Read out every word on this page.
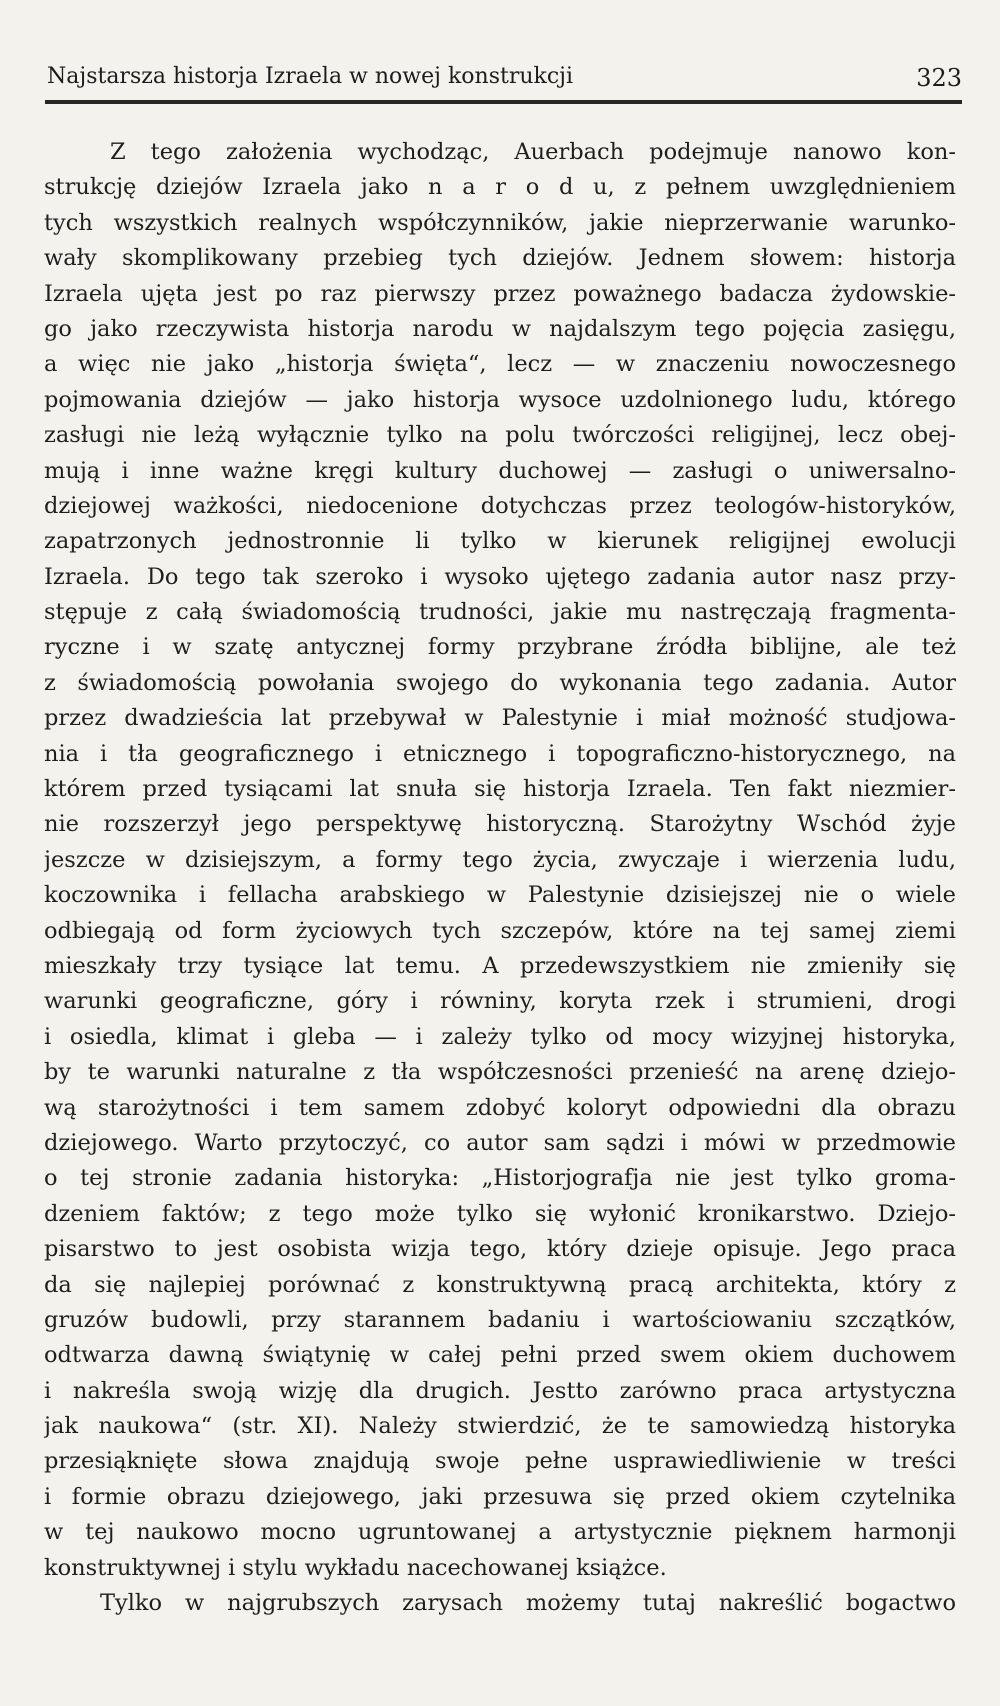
Najstarsza historja Izraela w nowej konstrukcji	323
Z tego założenia wychodząc, Auerbach podejmuje nanowo kon-
strukcję dziejów Izraela jako n a r o d u, z pełnem uwzględnieniem
tych wszystkich realnych współczynników, jakie nieprzerwanie warunko-
wały skomplikowany przebieg tych dziejów. Jednem słowem: historja
Izraela ujęta jest po raz pierwszy przez poważnego badacza żydowskie-
go jako rzeczywista historja narodu w najdalszym tego pojęcia zasięgu,
a więc nie jako „historja święta“, lecz — w znaczeniu nowoczesnego
pojmowania dziejów — jako historja wysoce uzdolnionego ludu, którego
zasługi nie leżą wyłącznie tylko na polu twórczości religijnej, lecz obej-
mują i inne ważne kręgi kultury duchowej — zasługi o uniwersalno-
dziejowej ważkości, niedocenione dotychczas przez teologów-historyków,
zapatrzonych jednostronnie li tylko w kierunek religijnej ewolucji
Izraela. Do tego tak szeroko i wysoko ujętego zadania autor nasz przy-
stępuje z całą świadomością trudności, jakie mu nastręczają fragmenta-
ryczne i w szatę antycznej formy przybrane źródła biblijne, ale też
z świadomością powołania swojego do wykonania tego zadania. Autor
przez dwadzieścia lat przebywał w Palestynie i miał możność studjowa-
nia i tła geograficznego i etnicznego i topograficzno-historycznego, na
którem przed tysiącami lat snuła się historja Izraela. Ten fakt niezmier-
nie rozszerzył jego perspektywę historyczną. Starożytny Wschód żyje
jeszcze w dzisiejszym, a formy tego życia, zwyczaje i wierzenia ludu,
koczownika i fellacha arabskiego w Palestynie dzisiejszej nie o wiele
odbiegają od form życiowych tych szczepów, które na tej samej ziemi
mieszkały trzy tysiące lat temu. A przedewszystkiem nie zmieniły się
warunki geograficzne, góry i równiny, koryta rzek i strumieni, drogi
i osiedla, klimat i gleba — i zależy tylko od mocy wizyjnej historyka,
by te warunki naturalne z tła współczesności przenieść na arenę dziejo-
wą starożytności i tem samem zdobyć koloryt odpowiedni dla obrazu
dziejowego. Warto przytoczyć, co autor sam sądzi i mówi w przedmowie
o tej stronie zadania historyka: „Historjografja nie jest tylko groma-
dzeniem faktów; z tego może tylko się wyłonić kronikarstwo. Dziejo-
pisarstwo to jest osobista wizja tego, który dzieje opisuje. Jego praca
da się najlepiej porównać z konstruktywną pracą architekta, który z
gruzów budowli, przy starannem badaniu i wartościowaniu szczątków,
odtwarza dawną świątynię w całej pełni przed swem okiem duchowem
i nakreśla swoją wizję dla drugich. Jestto zarówno praca artystyczna
jak naukowa“ (str. XI). Należy stwierdzić, że te samowiedzą historyka
przesiąknięte słowa znajdują swoje pełne usprawiedliwienie w treści
i formie obrazu dziejowego, jaki przesuwa się przed okiem czytelnika
w tej naukowo mocno ugruntowanej a artystycznie pięknem harmonji
konstruktywnej i stylu wykładu nacechowanej książce.
Tylko w najgrubszych zarysach możemy tutaj nakreślić bogactwo
